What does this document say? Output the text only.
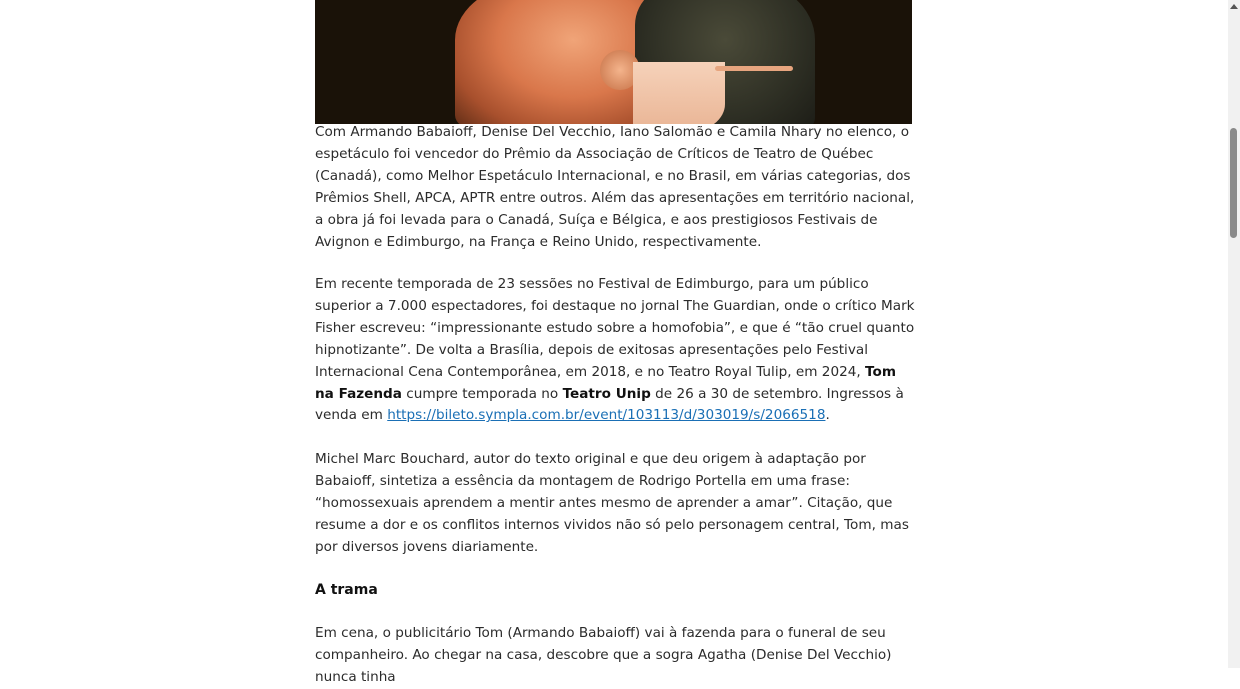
Com Armando Babaioff, Denise Del Vecchio, Iano Salomão e Camila Nhary no elenco, o espetáculo foi vencedor do Prêmio da Associação de Críticos de Teatro de Québec (Canadá), como Melhor Espetáculo Internacional, e no Brasil, em várias categorias, dos Prêmios Shell, APCA, APTR entre outros. Além das apresentações em território nacional, a obra já foi levada para o Canadá, Suíça e Bélgica, e aos prestigiosos Festivais de Avignon e Edimburgo, na França e Reino Unido, respectivamente.

Em recente temporada de 23 sessões no Festival de Edimburgo, para um público superior a 7.000 espectadores, foi destaque no jornal The Guardian, onde o crítico Mark Fisher escreveu: “impressionante estudo sobre a homofobia”, e que é “tão cruel quanto hipnotizante”. De volta a Brasília, depois de exitosas apresentações pelo Festival Internacional Cena Contemporânea, em 2018, e no Teatro Royal Tulip, em 2024, Tom na Fazenda cumpre temporada no Teatro Unip de 26 a 30 de setembro. Ingressos à venda em https://bileto.sympla.com.br/event/103113/d/303019/s/2066518.

Michel Marc Bouchard, autor do texto original e que deu origem à adaptação por Babaioff, sintetiza a essência da montagem de Rodrigo Portella em uma frase: “homossexuais aprendem a mentir antes mesmo de aprender a amar”. Citação, que resume a dor e os conflitos internos vividos não só pelo personagem central, Tom, mas por diversos jovens diariamente.

A trama

Em cena, o publicitário Tom (Armando Babaioff) vai à fazenda para o funeral de seu companheiro. Ao chegar na casa, descobre que a sogra Agatha (Denise Del Vecchio) nunca tinha
